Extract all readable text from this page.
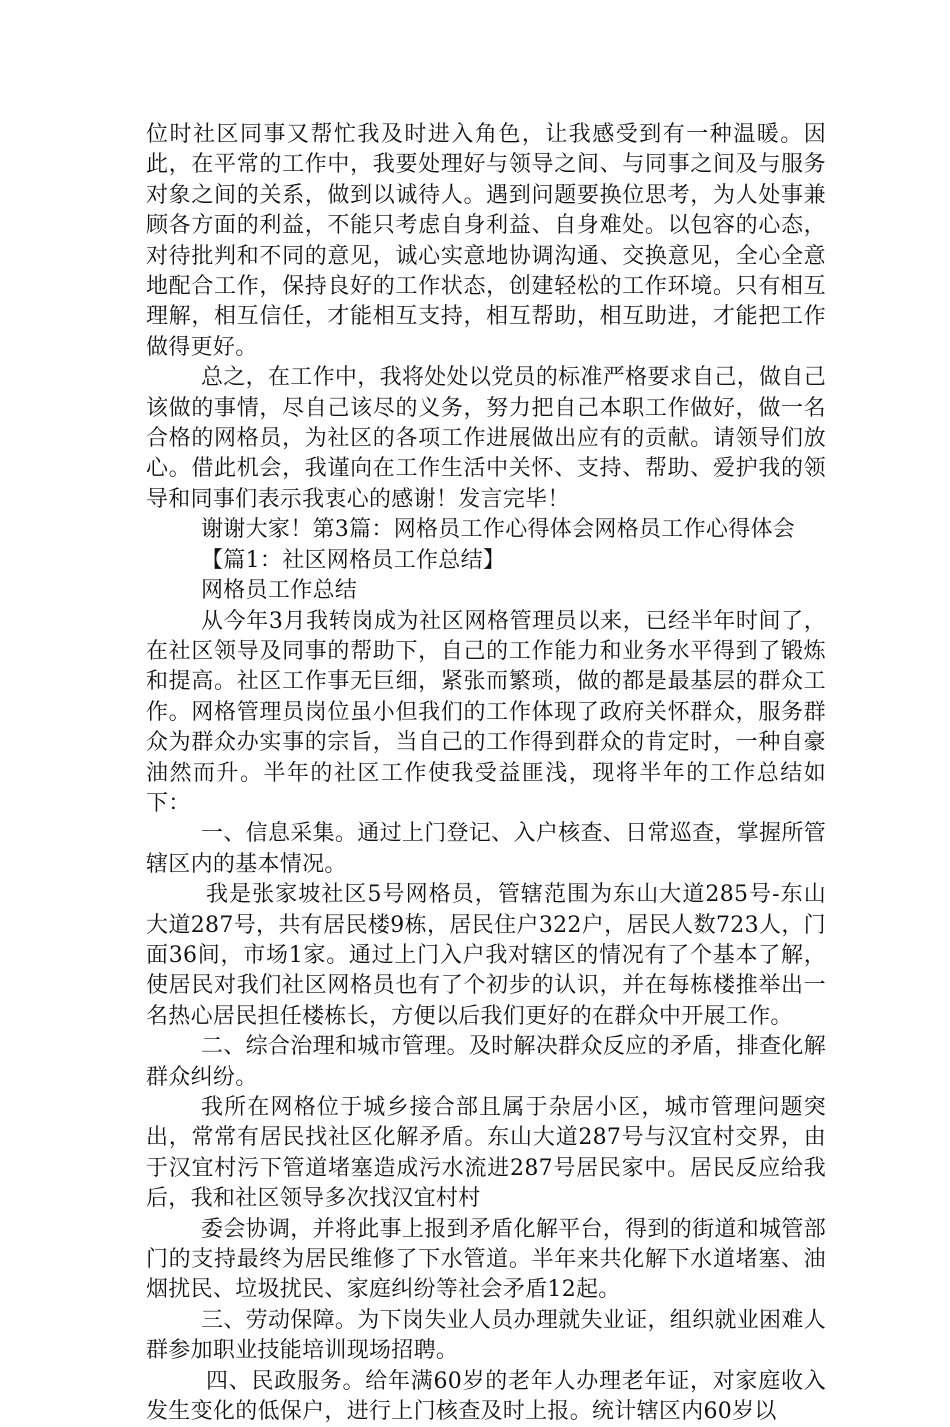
位时社区同事又帮忙我及时进入角色，让我感受到有一种温暖。因此，在平常的工作中，我要处理好与领导之间、与同事之间及与服务对象之间的关系，做到以诚待人。遇到问题要换位思考，为人处事兼顾各方面的利益，不能只考虑自身利益、自身难处。以包容的心态，对待批判和不同的意见，诚心实意地协调沟通、交换意见，全心全意地配合工作，保持良好的工作状态，创建轻松的工作环境。只有相互理解，相互信任，才能相互支持，相互帮助，相互助进，才能把工作做得更好。

总之，在工作中，我将处处以党员的标准严格要求自己，做自己该做的事情，尽自己该尽的义务，努力把自己本职工作做好，做一名合格的网格员，为社区的各项工作进展做出应有的贡献。请领导们放心。借此机会，我谨向在工作生活中关怀、支持、帮助、爱护我的领导和同事们表示我衷心的感谢！发言完毕！

谢谢大家！第3篇：网格员工作心得体会网格员工作心得体会

【篇1：社区网格员工作总结】

网格员工作总结

从今年3月我转岗成为社区网格管理员以来，已经半年时间了，在社区领导及同事的帮助下，自己的工作能力和业务水平得到了锻炼和提高。社区工作事无巨细，紧张而繁琐，做的都是最基层的群众工作。网格管理员岗位虽小但我们的工作体现了政府关怀群众，服务群众为群众办实事的宗旨，当自己的工作得到群众的肯定时，一种自豪油然而升。半年的社区工作使我受益匪浅，现将半年的工作总结如下：

一、信息采集。通过上门登记、入户核查、日常巡查，掌握所管辖区内的基本情况。

我是张家坡社区5号网格员，管辖范围为东山大道285号-东山大道287号，共有居民楼9栋，居民住户322户，居民人数723人，门面36间，市场1家。通过上门入户我对辖区的情况有了个基本了解，使居民对我们社区网格员也有了个初步的认识，并在每栋楼推举出一名热心居民担任楼栋长，方便以后我们更好的在群众中开展工作。

二、综合治理和城市管理。及时解决群众反应的矛盾，排查化解群众纠纷。

我所在网格位于城乡接合部且属于杂居小区，城市管理问题突出，常常有居民找社区化解矛盾。东山大道287号与汉宜村交界，由于汉宜村污下管道堵塞造成污水流进287号居民家中。居民反应给我后，我和社区领导多次找汉宜村村

委会协调，并将此事上报到矛盾化解平台，得到的街道和城管部门的支持最终为居民维修了下水管道。半年来共化解下水道堵塞、油烟扰民、垃圾扰民、家庭纠纷等社会矛盾12起。

三、劳动保障。为下岗失业人员办理就失业证，组织就业困难人群参加职业技能培训现场招聘。

四、民政服务。给年满60岁的老年人办理老年证，对家庭收入发生变化的低保户，进行上门核查及时上报。统计辖区内60岁以
